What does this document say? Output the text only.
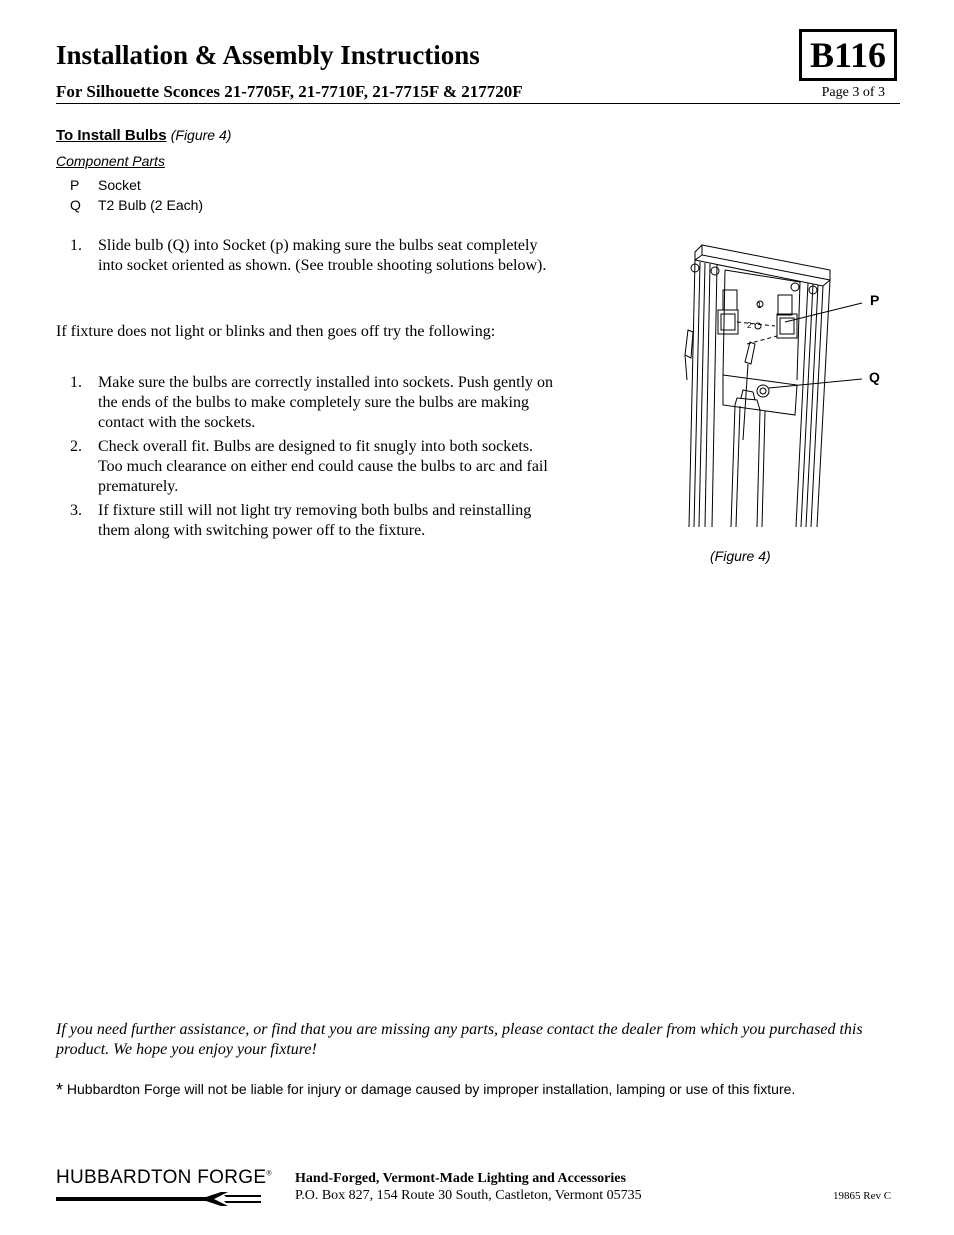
Installation & Assembly Instructions
For Silhouette Sconces 21-7705F, 21-7710F, 21-7715F & 217720F
B116
Page 3 of 3
To Install Bulbs (Figure 4)
Component Parts
P Socket
Q T2 Bulb (2 Each)
1. Slide bulb (Q) into Socket (p) making sure the bulbs seat completely into socket oriented as shown. (See trouble shooting solutions below).
If fixture does not light or blinks and then goes off try the following:
1. Make sure the bulbs are correctly installed into sockets. Push gently on the ends of the bulbs to make completely sure the bulbs are making contact with the sockets.
2. Check overall fit. Bulbs are designed to fit snugly into both sockets. Too much clearance on either end could cause the bulbs to arc and fail prematurely.
3. If fixture still will not light try removing both bulbs and reinstalling them along with switching power off to the fixture.
1
2
P
Q
(Figure 4)
If you need further assistance, or find that you are missing any parts, please contact the dealer from which you purchased this product. We hope you enjoy your fixture!
* Hubbardton Forge will not be liable for injury or damage caused by improper installation, lamping or use of this fixture.
HUBBARDTON FORGE® Hand-Forged, Vermont-Made Lighting and Accessories
P.O. Box 827, 154 Route 30 South, Castleton, Vermont 05735	19865 Rev C
